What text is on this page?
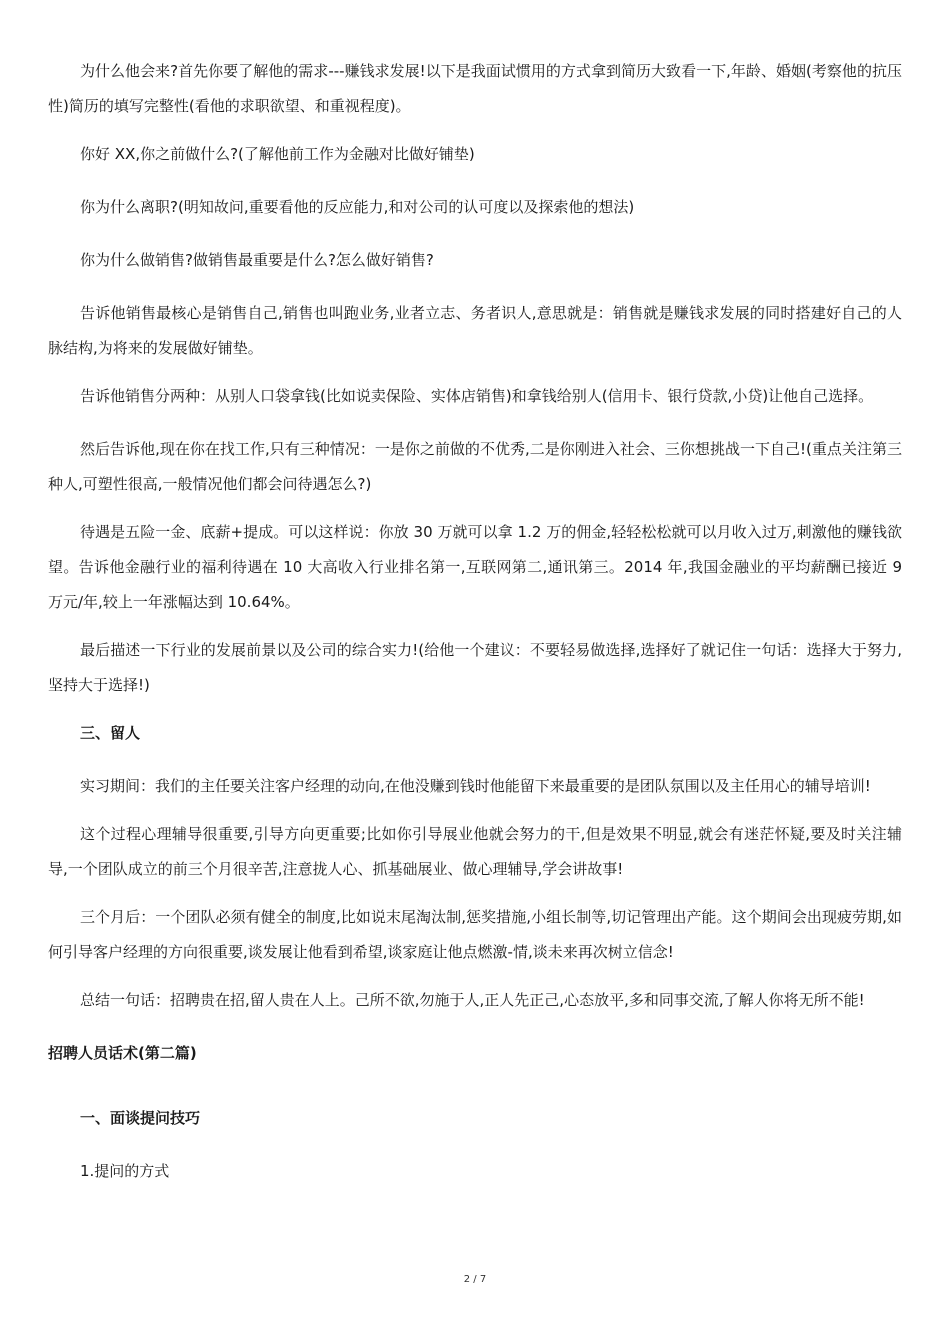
为什么他会来?首先你要了解他的需求---赚钱求发展!以下是我面试惯用的方式拿到简历大致看一下,年龄、婚姻(考察他的抗压性)简历的填写完整性(看他的求职欲望、和重视程度)。

你好 XX,你之前做什么?(了解他前工作为金融对比做好铺垫)

你为什么离职?(明知故问,重要看他的反应能力,和对公司的认可度以及探索他的想法)

你为什么做销售?做销售最重要是什么?怎么做好销售?

告诉他销售最核心是销售自己,销售也叫跑业务,业者立志、务者识人,意思就是：销售就是赚钱求发展的同时搭建好自己的人脉结构,为将来的发展做好铺垫。

告诉他销售分两种：从别人口袋拿钱(比如说卖保险、实体店销售)和拿钱给别人(信用卡、银行贷款,小贷)让他自己选择。

然后告诉他,现在你在找工作,只有三种情况：一是你之前做的不优秀,二是你刚进入社会、三你想挑战一下自己!(重点关注第三种人,可塑性很高,一般情况他们都会问待遇怎么?)

待遇是五险一金、底薪+提成。可以这样说：你放 30 万就可以拿 1.2 万的佣金,轻轻松松就可以月收入过万,刺激他的赚钱欲望。告诉他金融行业的福利待遇在 10 大高收入行业排名第一,互联网第二,通讯第三。2014 年,我国金融业的平均薪酬已接近 9 万元/年,较上一年涨幅达到 10.64%。

最后描述一下行业的发展前景以及公司的综合实力!(给他一个建议：不要轻易做选择,选择好了就记住一句话：选择大于努力,坚持大于选择!)

三、留人

实习期间：我们的主任要关注客户经理的动向,在他没赚到钱时他能留下来最重要的是团队氛围以及主任用心的辅导培训!

这个过程心理辅导很重要,引导方向更重要;比如你引导展业他就会努力的干,但是效果不明显,就会有迷茫怀疑,要及时关注辅导,一个团队成立的前三个月很辛苦,注意拢人心、抓基础展业、做心理辅导,学会讲故事!

三个月后：一个团队必须有健全的制度,比如说末尾淘汰制,惩奖措施,小组长制等,切记管理出产能。这个期间会出现疲劳期,如何引导客户经理的方向很重要,谈发展让他看到希望,谈家庭让他点燃激-情,谈未来再次树立信念!

总结一句话：招聘贵在招,留人贵在人上。己所不欲,勿施于人,正人先正己,心态放平,多和同事交流,了解人你将无所不能!

招聘人员话术(第二篇)

一、面谈提问技巧

1.提问的方式

2 / 7
